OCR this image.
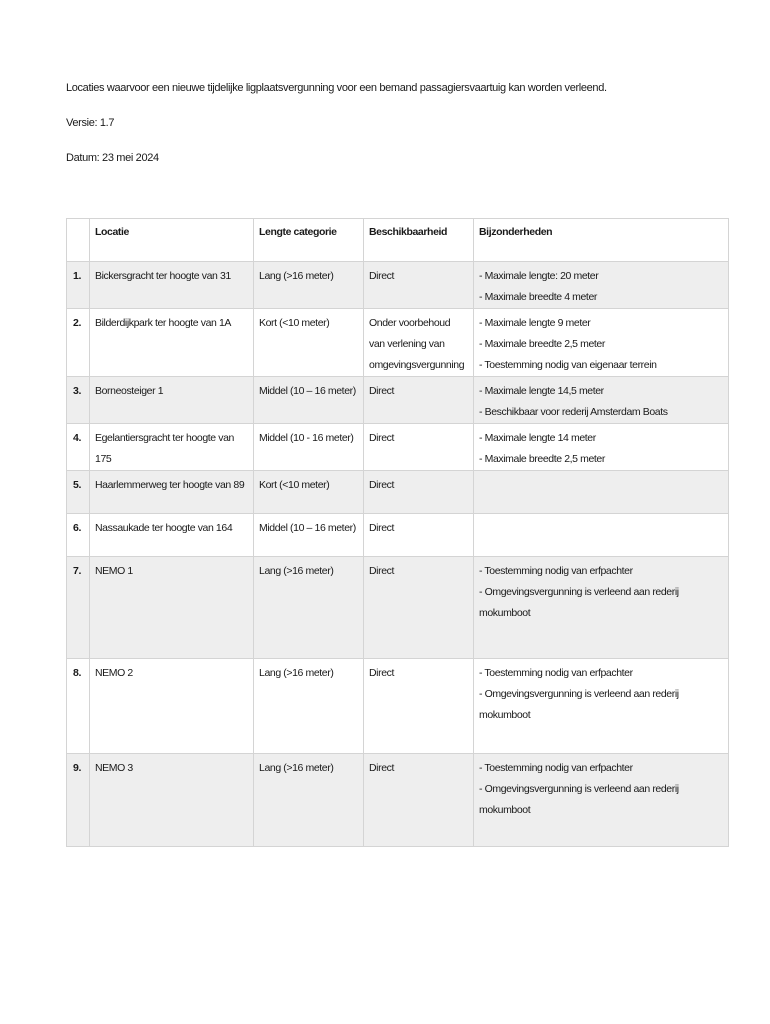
Locaties waarvoor een nieuwe tijdelijke ligplaatsvergunning voor een bemand passagiersvaartuig kan worden verleend.
Versie: 1.7
Datum: 23 mei 2024
	Locatie	Lengte categorie	Beschikbaarheid	Bijzonderheden
1.	Bickersgracht ter hoogte van 31	Lang (>16 meter)	Direct	- Maximale lengte: 20 meter
- Maximale breedte 4 meter

2.	Bilderdijkpark ter hoogte van 1A	Kort (<10 meter)	Onder voorbehoud van verlening van omgevingsvergunning	- Maximale lengte 9 meter
- Maximale breedte 2,5 meter
- Toestemming nodig van eigenaar terrein

3.	Borneosteiger 1	Middel (10 – 16 meter)	Direct	- Maximale lengte 14,5 meter
- Beschikbaar voor rederij Amsterdam Boats

4.	Egelantiersgracht ter hoogte van 175	Middel (10 - 16 meter)	Direct	- Maximale lengte 14 meter
- Maximale breedte 2,5 meter

5.	Haarlemmerweg ter hoogte van 89	Kort (<10 meter)	Direct	
6.	Nassaukade ter hoogte van 164	Middel (10 – 16 meter)	Direct	
7.	NEMO 1	Lang (>16 meter)	Direct	- Toestemming nodig van erfpachter
- Omgevingsvergunning is verleend aan rederij mokumboot

8.	NEMO 2	Lang (>16 meter)	Direct	- Toestemming nodig van erfpachter
- Omgevingsvergunning is verleend aan rederij mokumboot

9.	NEMO 3	Lang (>16 meter)	Direct	- Toestemming nodig van erfpachter
- Omgevingsvergunning is verleend aan rederij mokumboot
